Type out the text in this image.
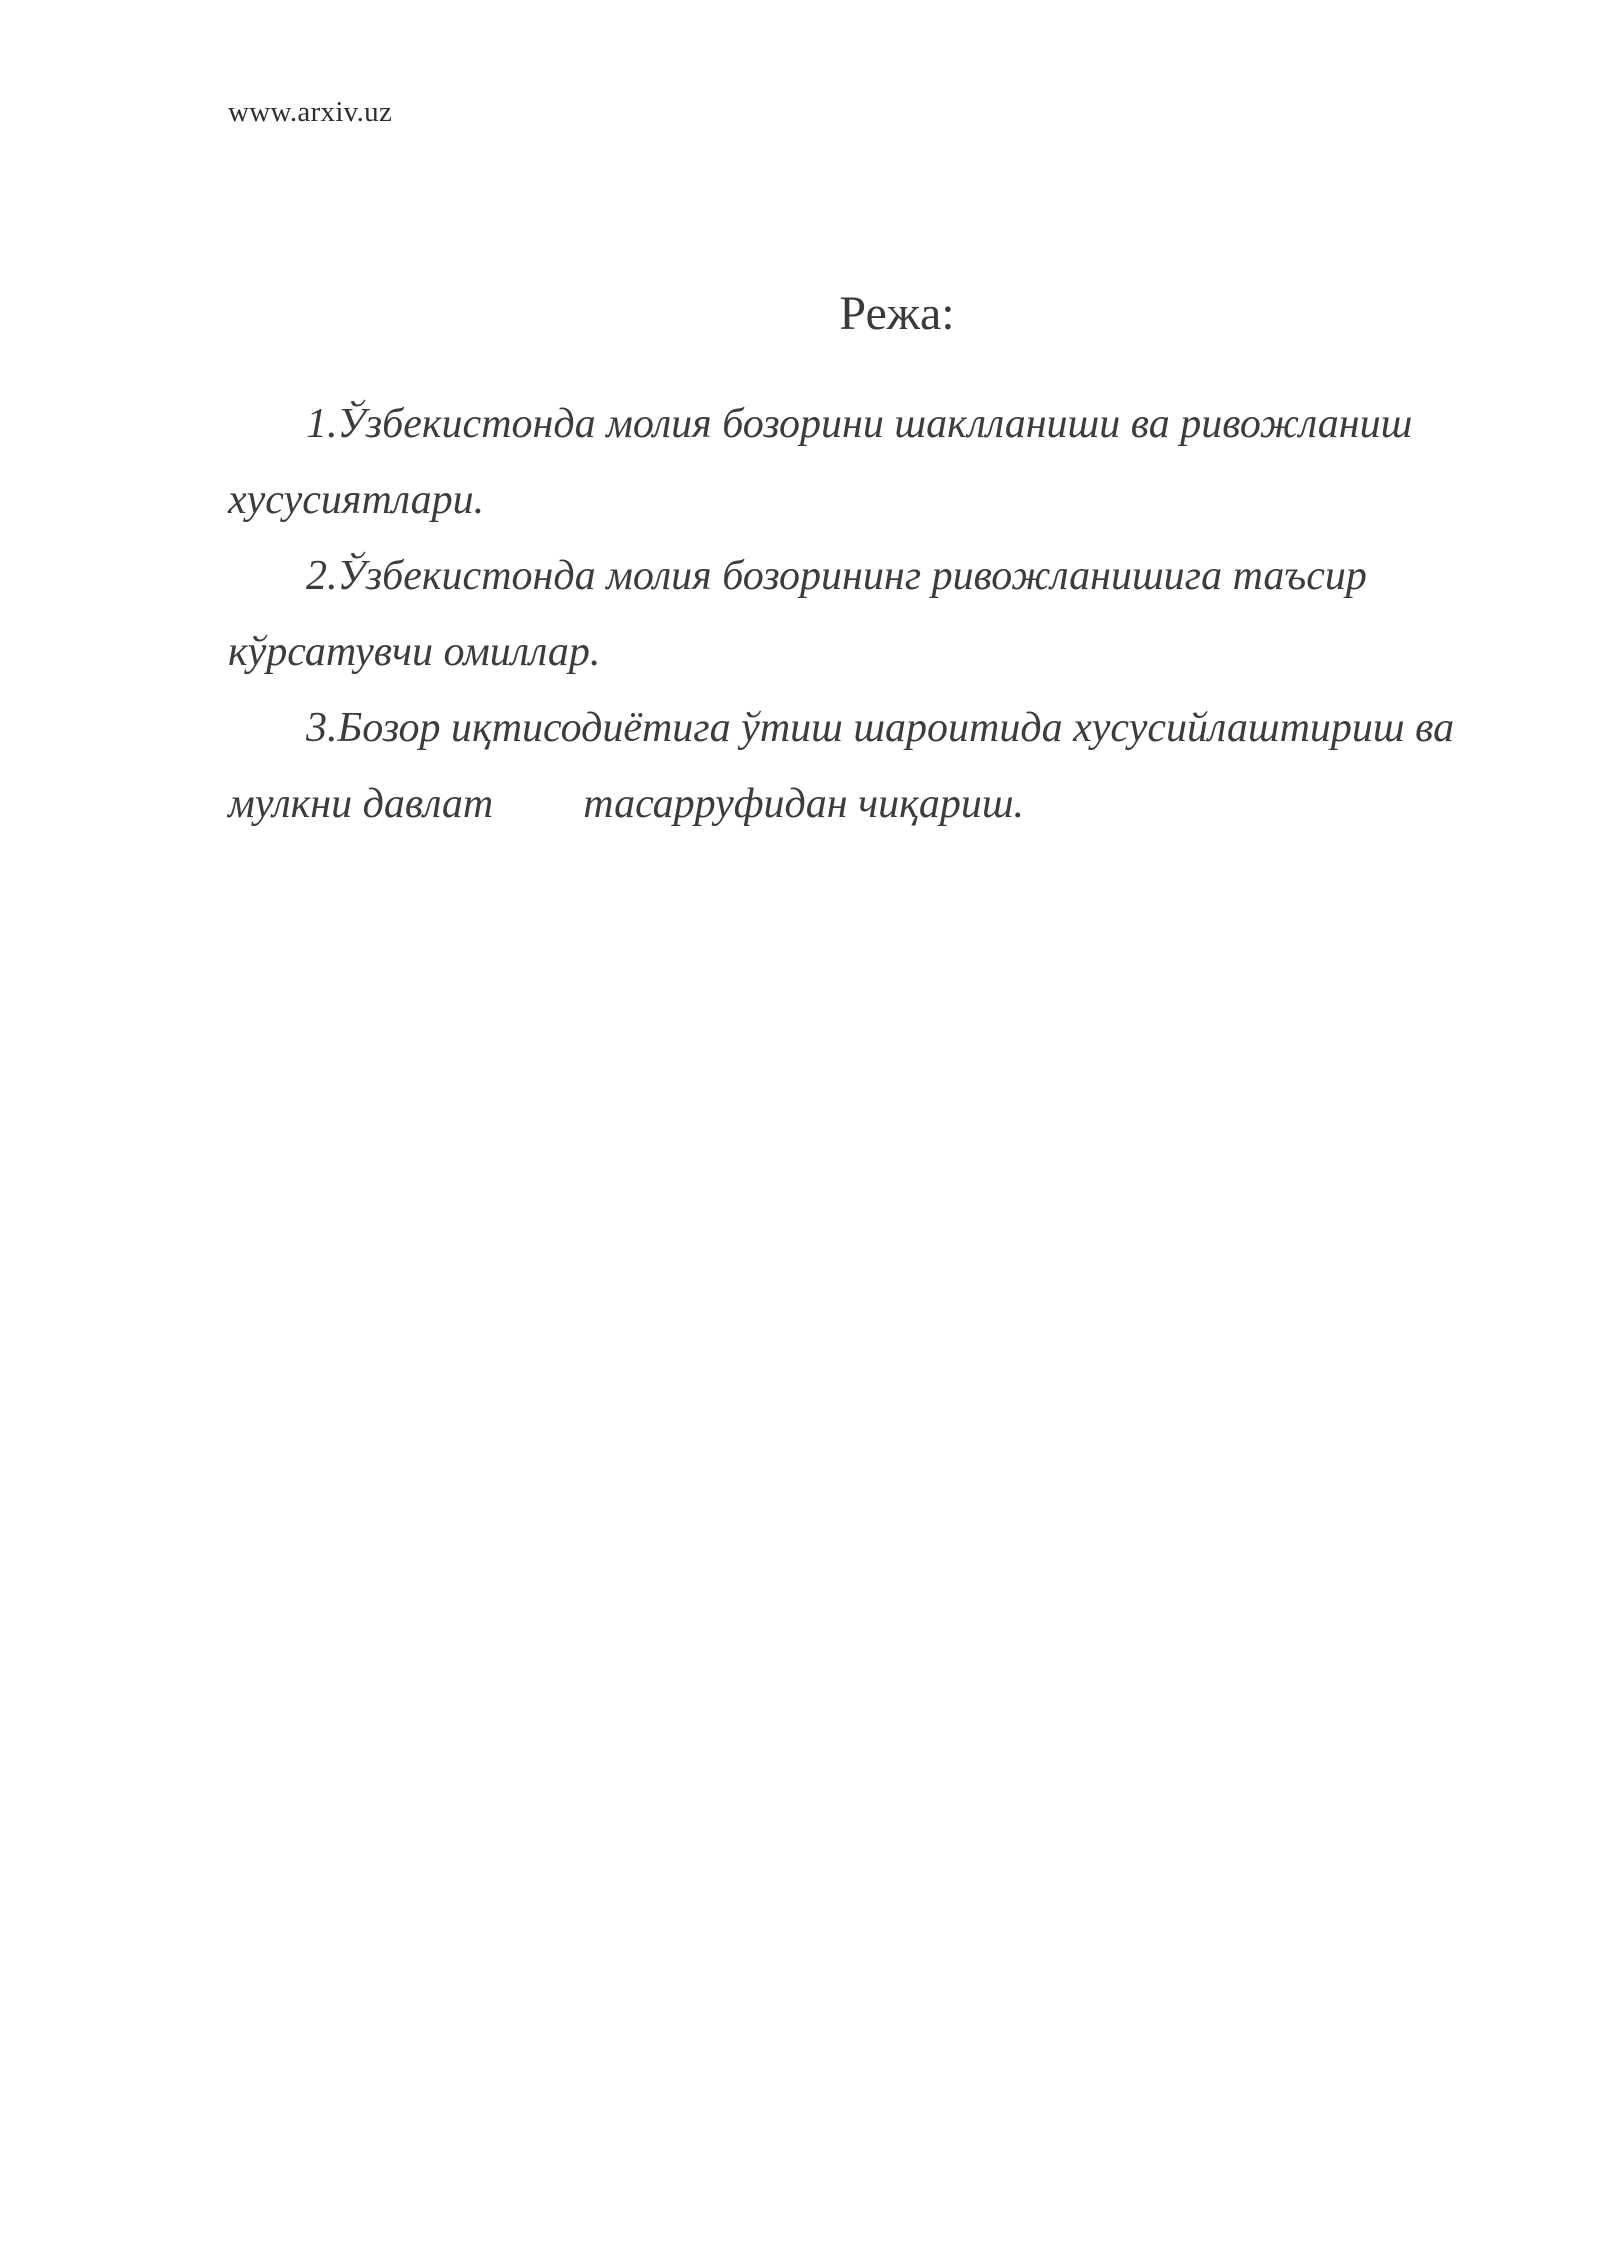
www.arxiv.uz
Режа:
1.Ўзбекистонда молия бозорини шаклланиши ва ривожланиш хусусиятлари.
2.Ўзбекистонда молия бозорининг ривожланишига таъсир кўрсатувчи омиллар.
3.Бозор иқтисодиётига ўтиш шароитида хусусийлаштириш ва мулкни давлат тасарруфидан чиқариш.
